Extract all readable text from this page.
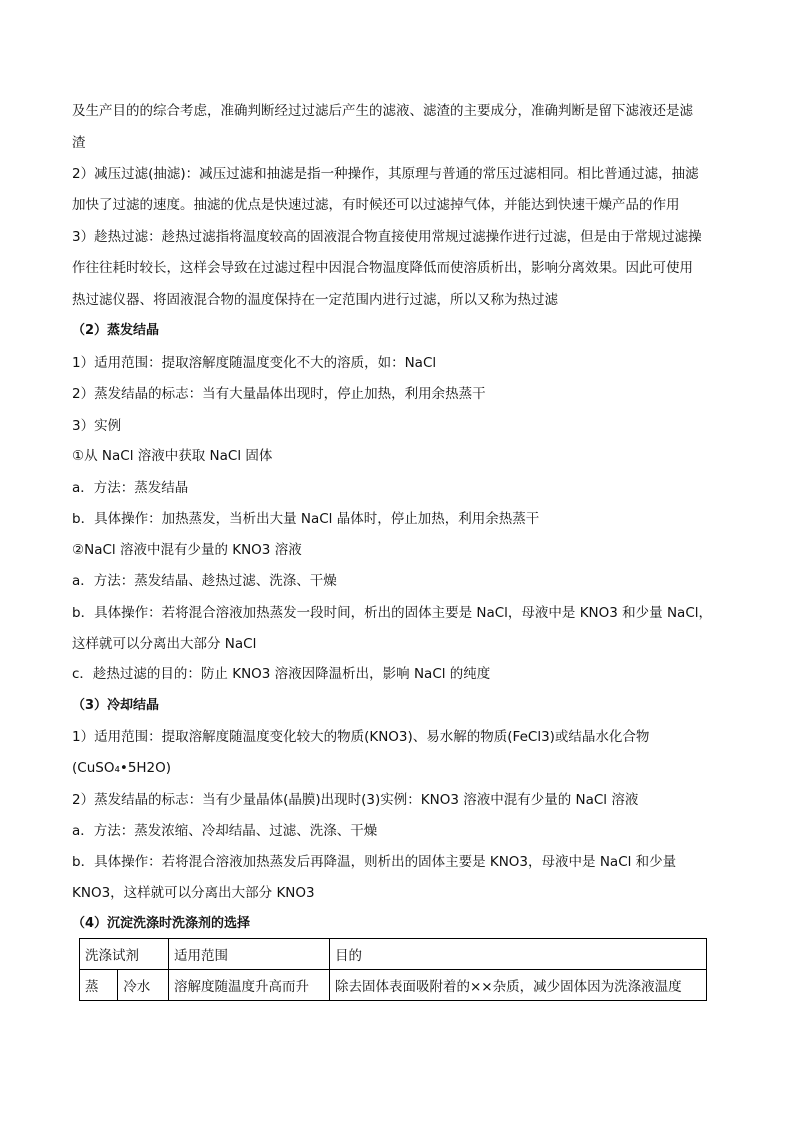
及生产目的的综合考虑，准确判断经过过滤后产生的滤液、滤渣的主要成分，准确判断是留下滤液还是滤
渣
2）减压过滤(抽滤)：减压过滤和抽滤是指一种操作，其原理与普通的常压过滤相同。相比普通过滤，抽滤
加快了过滤的速度。抽滤的优点是快速过滤，有时候还可以过滤掉气体，并能达到快速干燥产品的作用
3）趁热过滤：趁热过滤指将温度较高的固液混合物直接使用常规过滤操作进行过滤，但是由于常规过滤操
作往往耗时较长，这样会导致在过滤过程中因混合物温度降低而使溶质析出，影响分离效果。因此可使用
热过滤仪器、将固液混合物的温度保持在一定范围内进行过滤，所以又称为热过滤
（2）蒸发结晶
1）适用范围：提取溶解度随温度变化不大的溶质，如：NaCl
2）蒸发结晶的标志：当有大量晶体出现时，停止加热，利用余热蒸干
3）实例
①从 NaCl 溶液中获取 NaCl 固体
a．方法：蒸发结晶
b．具体操作：加热蒸发，当析出大量 NaCl 晶体时，停止加热，利用余热蒸干
②NaCl 溶液中混有少量的 KNO3 溶液
a．方法：蒸发结晶、趁热过滤、洗涤、干燥
b．具体操作：若将混合溶液加热蒸发一段时间，析出的固体主要是 NaCl，母液中是 KNO3 和少量 NaCl，
这样就可以分离出大部分 NaCl
c．趁热过滤的目的：防止 KNO3 溶液因降温析出，影响 NaCl 的纯度
（3）冷却结晶
1）适用范围：提取溶解度随温度变化较大的物质(KNO3)、易水解的物质(FeCl3)或结晶水化合物
(CuSO₄•5H2O)
2）蒸发结晶的标志：当有少量晶体(晶膜)出现时(3)实例：KNO3 溶液中混有少量的 NaCl 溶液
a．方法：蒸发浓缩、冷却结晶、过滤、洗涤、干燥
b．具体操作：若将混合溶液加热蒸发后再降温，则析出的固体主要是 KNO3，母液中是 NaCl 和少量
KNO3，这样就可以分离出大部分 KNO3
（4）沉淀洗涤时洗涤剂的选择
洗涤试剂		适用范围	目的
蒸	冷水	溶解度随温度升高而升	除去固体表面吸附着的××杂质，减少固体因为洗涤液温度
